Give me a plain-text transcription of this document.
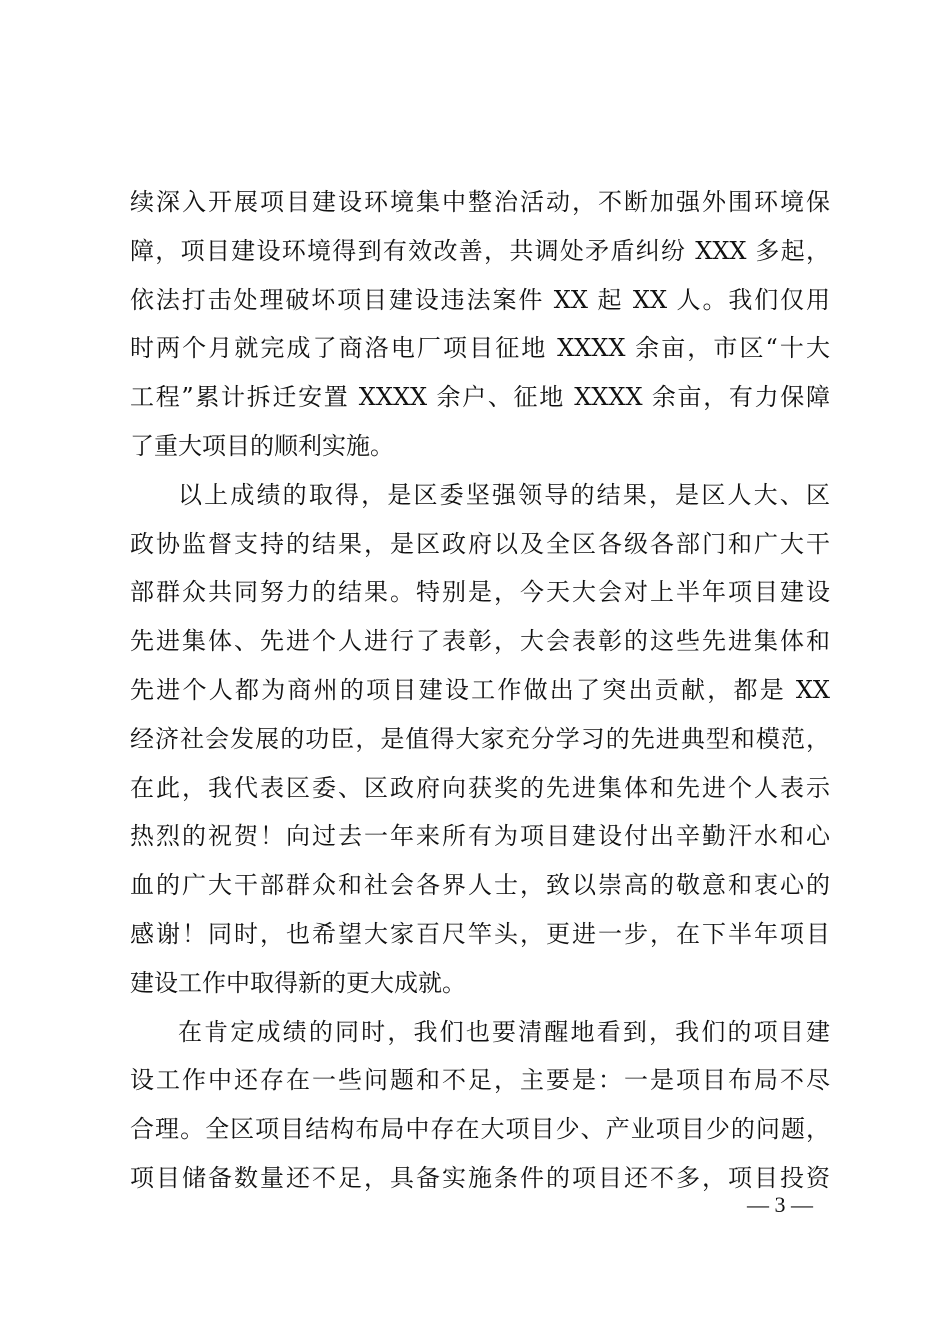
续深入开展项目建设环境集中整治活动，不断加强外围环境保
障，项目建设环境得到有效改善，共调处矛盾纠纷 XXX 多起，
依法打击处理破坏项目建设违法案件 XX 起 XX 人。我们仅用
时两个月就完成了商洛电厂项目征地 XXXX 余亩，市区“十大
工程”累计拆迁安置 XXXX 余户、征地 XXXX 余亩，有力保障
了重大项目的顺利实施。
以上成绩的取得，是区委坚强领导的结果，是区人大、区
政协监督支持的结果，是区政府以及全区各级各部门和广大干
部群众共同努力的结果。特别是，今天大会对上半年项目建设
先进集体、先进个人进行了表彰，大会表彰的这些先进集体和
先进个人都为商州的项目建设工作做出了突出贡献，都是 XX
经济社会发展的功臣，是值得大家充分学习的先进典型和模范，
在此，我代表区委、区政府向获奖的先进集体和先进个人表示
热烈的祝贺！向过去一年来所有为项目建设付出辛勤汗水和心
血的广大干部群众和社会各界人士，致以崇高的敬意和衷心的
感谢！同时，也希望大家百尺竿头，更进一步，在下半年项目
建设工作中取得新的更大成就。
在肯定成绩的同时，我们也要清醒地看到，我们的项目建
设工作中还存在一些问题和不足，主要是：一是项目布局不尽
合理。全区项目结构布局中存在大项目少、产业项目少的问题，
项目储备数量还不足，具备实施条件的项目还不多，项目投资
— 3 —
